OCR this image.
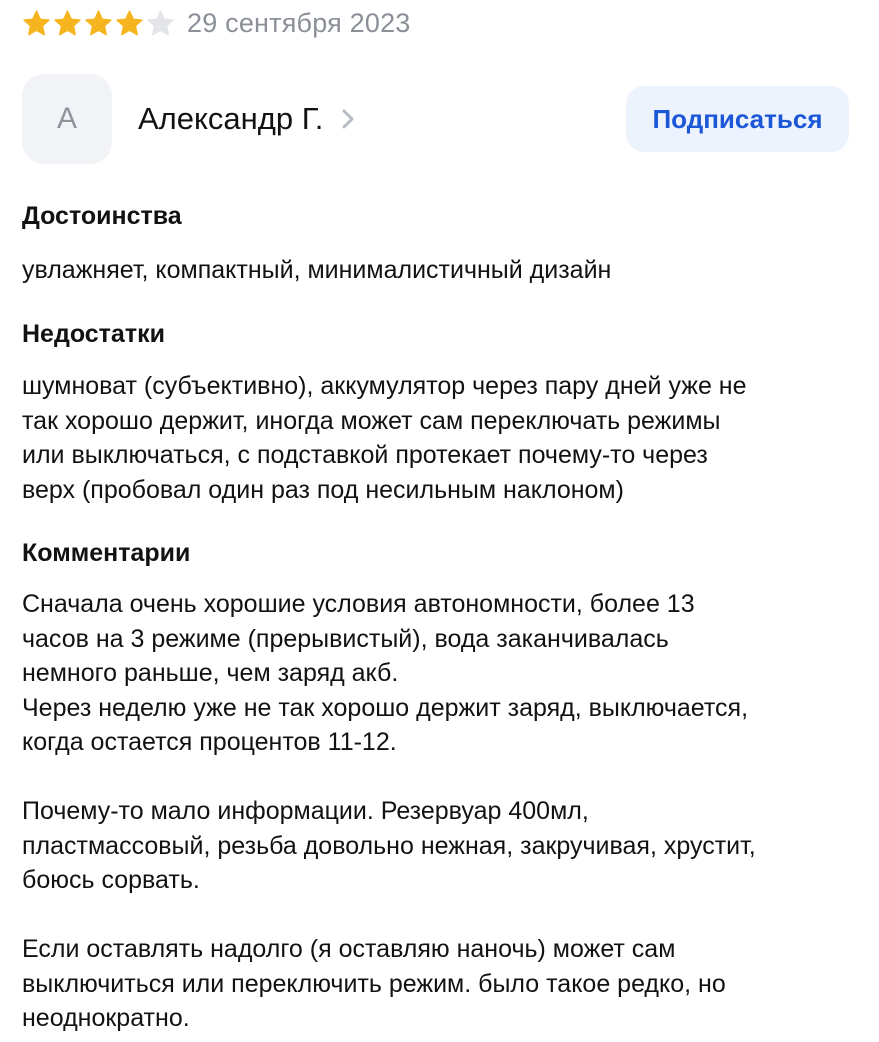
29 сентября 2023
А Александр Г.	Подписаться
Достоинства

увлажняет, компактный, минималистичный дизайн

Недостатки

шумноват (субъективно), аккумулятор через пару дней уже не
так хорошо держит, иногда может сам переключать режимы
или выключаться, с подставкой протекает почему-то через
верх (пробовал один раз под несильным наклоном)

Комментарии
Сначала очень хорошие условия автономности, более 13
часов на 3 режиме (прерывистый), вода заканчивалась
немного раньше, чем заряд акб.
Через неделю уже не так хорошо держит заряд, выключается,
когда остается процентов 11-12.
Почему-то мало информации. Резервуар 400мл,
пластмассовый, резьба довольно нежная, закручивая, хрустит,
боюсь сорвать.
Если оставлять надолго (я оставляю наночь) может сам
выключиться или переключить режим. было такое редко, но
неоднократно.
